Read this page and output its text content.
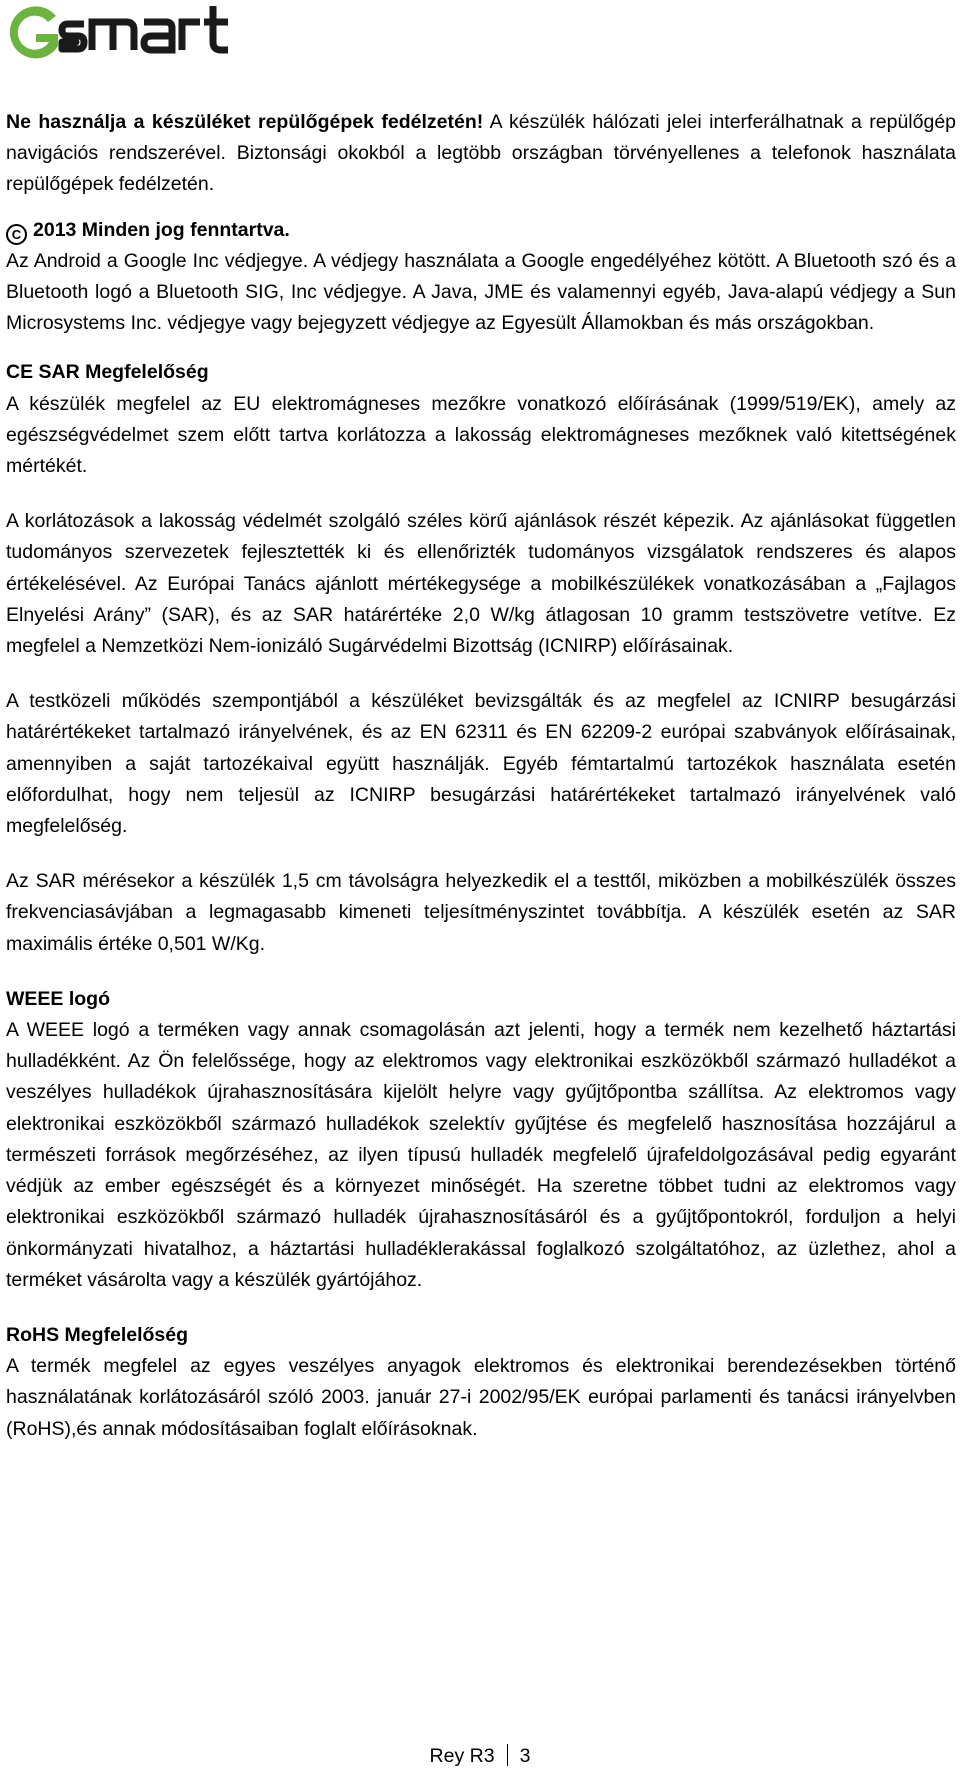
Ne használja a készüléket repülőgépek fedélzetén! A készülék hálózati jelei interferálhatnak a repülőgép navigációs rendszerével. Biztonsági okokból a legtöbb országban törvényellenes a telefonok használata repülőgépek fedélzetén.

C 2013 Minden jog fenntartva.

Az Android a Google Inc védjegye. A védjegy használata a Google engedélyéhez kötött. A Bluetooth szó és a Bluetooth logó a Bluetooth SIG, Inc védjegye. A Java, JME és valamennyi egyéb, Java-alapú védjegy a Sun Microsystems Inc. védjegye vagy bejegyzett védjegye az Egyesült Államokban és más országokban.

CE SAR Megfelelőség

A készülék megfelel az EU elektromágneses mezőkre vonatkozó előírásának (1999/519/EK), amely az egészségvédelmet szem előtt tartva korlátozza a lakosság elektromágneses mezőknek való kitettségének mértékét.

A korlátozások a lakosság védelmét szolgáló széles körű ajánlások részét képezik. Az ajánlásokat független tudományos szervezetek fejlesztették ki és ellenőrizték tudományos vizsgálatok rendszeres és alapos értékelésével. Az Európai Tanács ajánlott mértékegysége a mobilkészülékek vonatkozásában a „Fajlagos Elnyelési Arány” (SAR), és az SAR határértéke 2,0 W/kg átlagosan 10 gramm testszövetre vetítve. Ez megfelel a Nemzetközi Nem-ionizáló Sugárvédelmi Bizottság (ICNIRP) előírásainak.

A testközeli működés szempontjából a készüléket bevizsgálták és az megfelel az ICNIRP besugárzási határértékeket tartalmazó irányelvének, és az EN 62311 és EN 62209-2 európai szabványok előírásainak, amennyiben a saját tartozékaival együtt használják. Egyéb fémtartalmú tartozékok használata esetén előfordulhat, hogy nem teljesül az ICNIRP besugárzási határértékeket tartalmazó irányelvének való megfelelőség.

Az SAR mérésekor a készülék 1,5 cm távolságra helyezkedik el a testtől, miközben a mobilkészülék összes frekvenciasávjában a legmagasabb kimeneti teljesítményszintet továbbítja. A készülék esetén az SAR maximális értéke 0,501 W/Kg.

WEEE logó

A WEEE logó a terméken vagy annak csomagolásán azt jelenti, hogy a termék nem kezelhető háztartási hulladékként. Az Ön felelőssége, hogy az elektromos vagy elektronikai eszközökből származó hulladékot a veszélyes hulladékok újrahasznosítására kijelölt helyre vagy gyűjtőpontba szállítsa. Az elektromos vagy elektronikai eszközökből származó hulladékok szelektív gyűjtése és megfelelő hasznosítása hozzájárul a természeti források megőrzéséhez, az ilyen típusú hulladék megfelelő újrafeldolgozásával pedig egyaránt védjük az ember egészségét és a környezet minőségét. Ha szeretne többet tudni az elektromos vagy elektronikai eszközökből származó hulladék újrahasznosításáról és a gyűjtőpontokról, forduljon a helyi önkormányzati hivatalhoz, a háztartási hulladéklerakással foglalkozó szolgáltatóhoz, az üzlethez, ahol a terméket vásárolta vagy a készülék gyártójához.

RoHS Megfelelőség

A termék megfelel az egyes veszélyes anyagok elektromos és elektronikai berendezésekben történő használatának korlátozásáról szóló 2003. január 27-i 2002/95/EK európai parlamenti és tanácsi irányelvben (RoHS),és annak módosításaiban foglalt előírásoknak.

Rey R3 3
